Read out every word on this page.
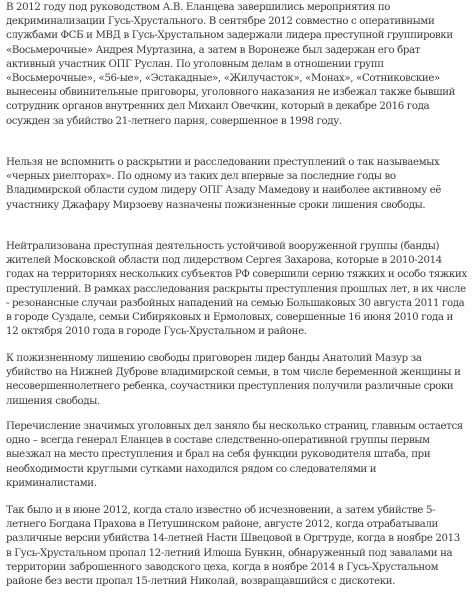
В 2012 году под руководством А.В. Еланцева завершились мероприятия по декриминализации Гусь-Хрустального. В сентябре 2012 совместно с оперативными службами ФСБ и МВД в Гусь-Хрустальном задержали лидера преступной группировки «Восьмерочные» Андрея Муртазина, а затем в Воронеже был задержан его брат активный участник ОПГ Руслан. По уголовным делам в отношении групп «Восьмерочные», «56-ые», «Эстакадные», «Жилучасток», «Монах», «Сотниковские» вынесены обвинительные приговоры, уголовного наказания не избежал также бывший сотрудник органов внутренних дел Михаил Овечкин, который в декабре 2016 года осужден за убийство 21-летнего парня, совершенное в 1998 году.

Нельзя не вспомнить о раскрытии и расследовании преступлений о так называемых «черных риелторах». По одному из таких дел впервые за последние годы во Владимирской области судом лидеру ОПГ Азаду Мамедову и наиболее активному её участнику Джафару Мирзоеву назначены пожизненные сроки лишения свободы.

Нейтрализована преступная деятельность устойчивой вооруженной группы (банды) жителей Московской области под лидерством Сергея Захарова, которые в 2010-2014 годах на территориях нескольких субъектов РФ совершили серию тяжких и особо тяжких преступлений. В рамках расследования раскрыты преступления прошлых лет, в их числе - резонансные случаи разбойных нападений на семью Большаковых 30 августа 2011 года в городе Суздале, семьи Сибиряковых и Ермоловых, совершенные 16 июня 2010 года и 12 октября 2010 года в городе Гусь-Хрустальном и районе.

К пожизненному лишению свободы приговорен лидер банды Анатолий Мазур за убийство на Нижней Дуброве владимирской семьи, в том числе беременной женщины и несовершеннолетнего ребенка, соучастники преступления получили различные сроки лишения свободы.

Перечисление значимых уголовных дел заняло бы несколько страниц, главным остается одно – всегда генерал Еланцев в составе следственно-оперативной группы первым выезжал на место преступления и брал на себя функции руководителя штаба, при необходимости круглыми сутками находился рядом со следователями и криминалистами.

Так было и в июне 2012, когда стало известно об исчезновении, а затем убийстве 5-летнего Богдана Прахова в Петушинском районе, августе 2012, когда отрабатывали различные версии убийства 14-летней Насти Швецовой в Оргтруде, когда в ноябре 2013 в Гусь-Хрустальном пропал 12-летний Илюша Бункин, обнаруженный под завалами на территории заброшенного заводского цеха, когда в ноябре 2014 в Гусь-Хрустальном районе без вести пропал 15-летний Николай, возвращавшийся с дискотеки.
